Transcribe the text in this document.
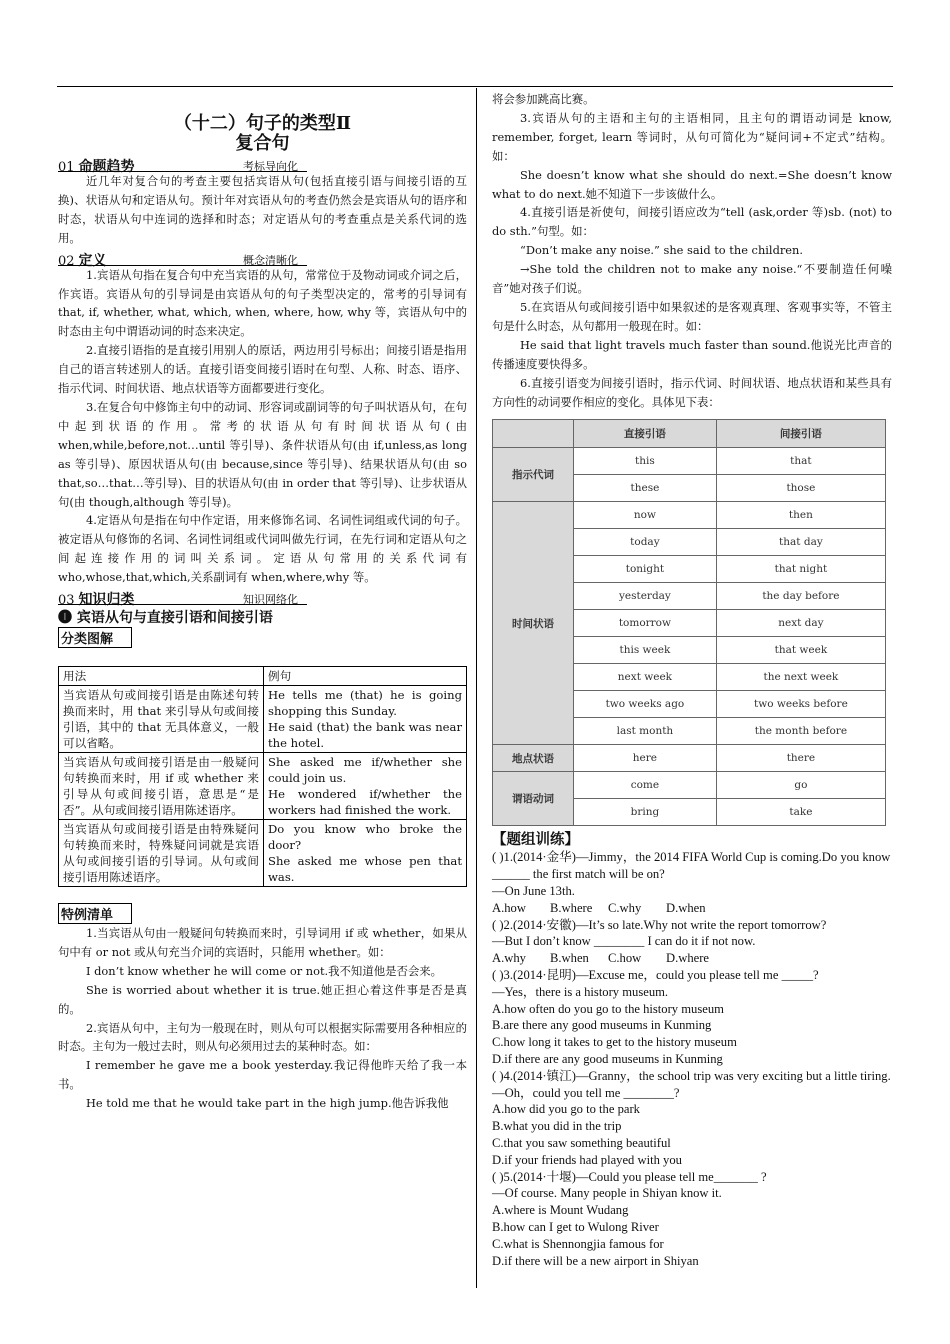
（十二）句子的类型Ⅱ

复合句

01 命题趋势	考标导向化

近几年对复合句的考查主要包括宾语从句(包括直接引语与间接引语的互换)、状语从句和定语从句。预计年对宾语从句的考查仍然会是宾语从句的语序和时态，状语从句中连词的选择和时态；对定语从句的考查重点是关系代词的选用。

02 定义	概念清晰化

1.宾语从句指在复合句中充当宾语的从句，常常位于及物动词或介词之后，作宾语。宾语从句的引导词是由宾语从句的句子类型决定的，常考的引导词有 that, if, whether, what, which, when, where, how, why 等，宾语从句中的时态由主句中谓语动词的时态来决定。

2.直接引语指的是直接引用别人的原话，两边用引号标出；间接引语是指用自己的语言转述别人的话。直接引语变间接引语时在句型、人称、时态、语序、指示代词、时间状语、地点状语等方面都要进行变化。

3.在复合句中修饰主句中的动词、形容词或副词等的句子叫状语从句，在句中起到状语的作用。常考的状语从句有时间状语从句(由 when,while,before,not…until 等引导)、条件状语从句(由 if,unless,as long as 等引导)、原因状语从句(由 because,since 等引导)、结果状语从句(由 so that,so…that…等引导)、目的状语从句(由 in order that 等引导)、让步状语从句(由 though,although 等引导)。

4.定语从句是指在句中作定语，用来修饰名词、名词性词组或代词的句子。被定语从句修饰的名词、名词性词组或代词叫做先行词，在先行词和定语从句之间起连接作用的词叫关系词。定语从句常用的关系代词有 who,whose,that,which,关系副词有 when,where,why 等。

03 知识归类	知识网络化

❶ 宾语从句与直接引语和间接引语

分类图解
用法	例句
当宾语从句或间接引语是由陈述句转换而来时，用 that 来引导从句或间接引语，其中的 that 无具体意义，一般可以省略。	He tells me (that) he is going shopping this Sunday.
He said (that) the bank was near the hotel.

当宾语从句或间接引语是由一般疑问句转换而来时，用 if 或 whether 来引导从句或间接引语，意思是“是否”。从句或间接引语用陈述语序。	She asked me if/whether she could join us.
He wondered if/whether the workers had finished the work.

当宾语从句或间接引语是由特殊疑问句转换而来时，特殊疑问词就是宾语从句或间接引语的引导词。从句或间接引语用陈述语序。	Do you know who broke the door?
She asked me whose pen that was.
特例清单

1.当宾语从句由一般疑问句转换而来时，引导词用 if 或 whether，如果从句中有 or not 或从句充当介词的宾语时，只能用 whether。如：

I don’t know whether he will come or not.我不知道他是否会来。

She is worried about whether it is true.她正担心着这件事是否是真的。

2.宾语从句中，主句为一般现在时，则从句可以根据实际需要用各种相应的时态。主句为一般过去时，则从句必须用过去的某种时态。如：

I remember he gave me a book yesterday.我记得他昨天给了我一本书。

He told me that he would take part in the high jump.他告诉我他

将会参加跳高比赛。

3.宾语从句的主语和主句的主语相同，且主句的谓语动词是 know, remember, forget, learn 等词时，从句可简化为“疑问词+不定式”结构。如：

She doesn’t know what she should do next.=She doesn’t know what to do next.她不知道下一步该做什么。

4.直接引语是祈使句，间接引语应改为“tell (ask,order 等)sb. (not) to do sth.”句型。如：

“Don’t make any noise.” she said to the children.

→She told the children not to make any noise.“不要制造任何噪音”她对孩子们说。

5.在宾语从句或间接引语中如果叙述的是客观真理、客观事实等，不管主句是什么时态，从句都用一般现在时。如：

He said that light travels much faster than sound.他说光比声音的传播速度要快得多。

6.直接引语变为间接引语时，指示代词、时间状语、地点状语和某些具有方向性的动词要作相应的变化。具体见下表：

	直接引语	间接引语
指示代词	this	that
	these	those
时间状语	now	then
	today	that day
	tonight	that night
	yesterday	the day before
	tomorrow	next day
	this week	that week
	next week	the next week
	two weeks ago	two weeks before
	last month	the month before
地点状语	here	there
谓语动词	come	go
	bring	take

【题组训练】

( )1.(2014·金华)—Jimmy，the 2014 FIFA World Cup is coming.Do you know ______ the first match will be on?

—On June 13th.

A.how B.where C.why D.when

( )2.(2014·安徽)—It’s so late.Why not write the report tomorrow?

—But I don’t know ________ I can do it if not now.

A.why B.when C.how D.where

( )3.(2014·昆明)—Excuse me，could you please tell me _____?

—Yes，there is a history museum.

A.how often do you go to the history museum

B.are there any good museums in Kunming

C.how long it takes to get to the history museum

D.if there are any good museums in Kunming

( )4.(2014·镇江)—Granny，the school trip was very exciting but a little tiring.

—Oh，could you tell me ________?

A.how did you go to the park

B.what you did in the trip

C.that you saw something beautiful

D.if your friends had played with you

( )5.(2014·十堰)—Could you please tell me_______ ?

—Of course. Many people in Shiyan know it.

A.where is Mount Wudang

B.how can I get to Wulong River

C.what is Shennongjia famous for

D.if there will be a new airport in Shiyan
